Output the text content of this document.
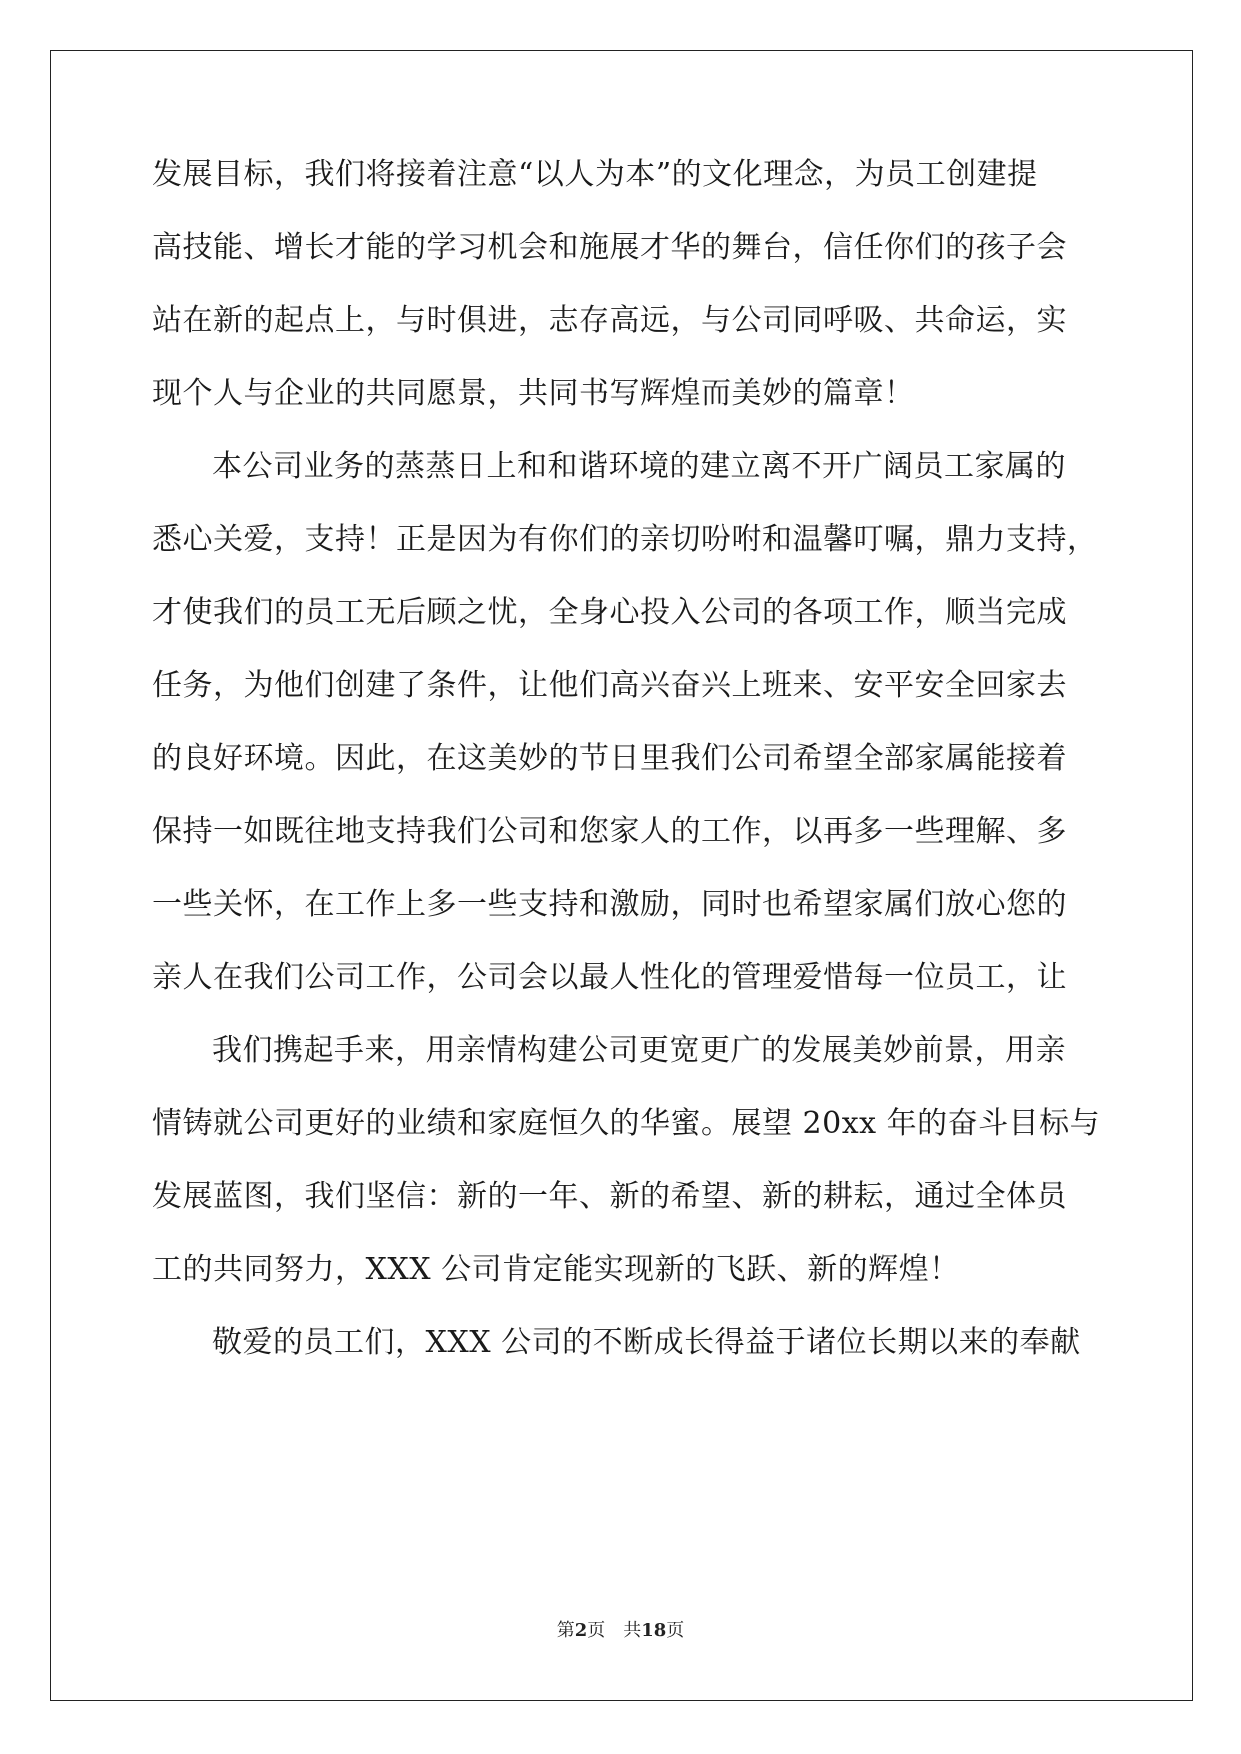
发展目标，我们将接着注意“以人为本”的文化理念，为员工创建提
高技能、增长才能的学习机会和施展才华的舞台，信任你们的孩子会
站在新的起点上，与时俱进，志存高远，与公司同呼吸、共命运，实
现个人与企业的共同愿景，共同书写辉煌而美妙的篇章！
本公司业务的蒸蒸日上和和谐环境的建立离不开广阔员工家属的
悉心关爱，支持！正是因为有你们的亲切吩咐和温馨叮嘱，鼎力支持，
才使我们的员工无后顾之忧，全身心投入公司的各项工作，顺当完成
任务，为他们创建了条件，让他们高兴奋兴上班来、安平安全回家去
的良好环境。因此，在这美妙的节日里我们公司希望全部家属能接着
保持一如既往地支持我们公司和您家人的工作，以再多一些理解、多
一些关怀，在工作上多一些支持和激励，同时也希望家属们放心您的
亲人在我们公司工作，公司会以最人性化的管理爱惜每一位员工，让
我们携起手来，用亲情构建公司更宽更广的发展美妙前景，用亲
情铸就公司更好的业绩和家庭恒久的华蜜。展望 20xx 年的奋斗目标与
发展蓝图，我们坚信：新的一年、新的希望、新的耕耘，通过全体员
工的共同努力，XXX 公司肯定能实现新的飞跃、新的辉煌！
敬爱的员工们，XXX 公司的不断成长得益于诸位长期以来的奉献
第2页 共18页
